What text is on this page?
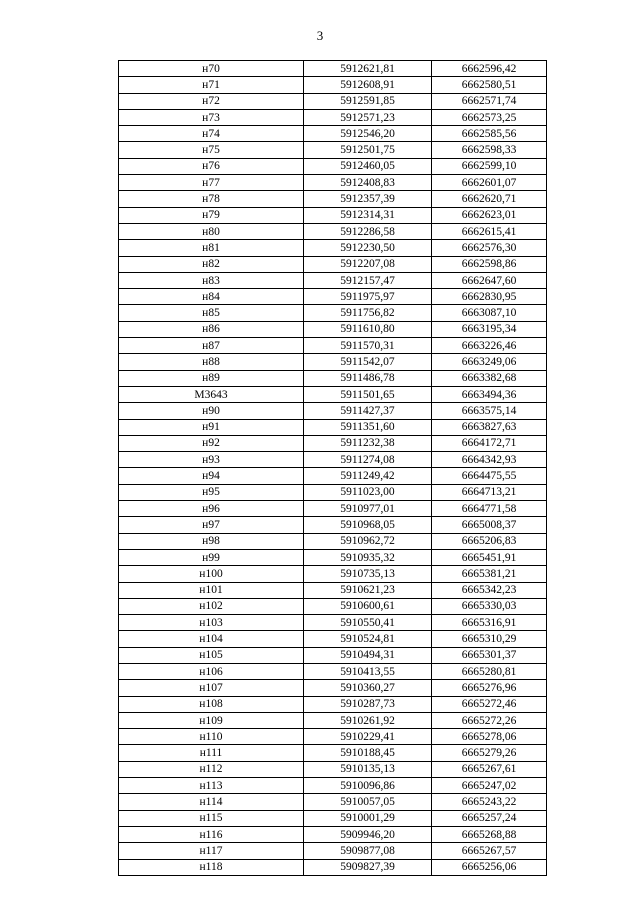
3
н70	5912621,81	6662596,42
н71	5912608,91	6662580,51
н72	5912591,85	6662571,74
н73	5912571,23	6662573,25
н74	5912546,20	6662585,56
н75	5912501,75	6662598,33
н76	5912460,05	6662599,10
н77	5912408,83	6662601,07
н78	5912357,39	6662620,71
н79	5912314,31	6662623,01
н80	5912286,58	6662615,41
н81	5912230,50	6662576,30
н82	5912207,08	6662598,86
н83	5912157,47	6662647,60
н84	5911975,97	6662830,95
н85	5911756,82	6663087,10
н86	5911610,80	6663195,34
н87	5911570,31	6663226,46
н88	5911542,07	6663249,06
н89	5911486,78	6663382,68
М3643	5911501,65	6663494,36
н90	5911427,37	6663575,14
н91	5911351,60	6663827,63
н92	5911232,38	6664172,71
н93	5911274,08	6664342,93
н94	5911249,42	6664475,55
н95	5911023,00	6664713,21
н96	5910977,01	6664771,58
н97	5910968,05	6665008,37
н98	5910962,72	6665206,83
н99	5910935,32	6665451,91
н100	5910735,13	6665381,21
н101	5910621,23	6665342,23
н102	5910600,61	6665330,03
н103	5910550,41	6665316,91
н104	5910524,81	6665310,29
н105	5910494,31	6665301,37
н106	5910413,55	6665280,81
н107	5910360,27	6665276,96
н108	5910287,73	6665272,46
н109	5910261,92	6665272,26
н110	5910229,41	6665278,06
н111	5910188,45	6665279,26
н112	5910135,13	6665267,61
н113	5910096,86	6665247,02
н114	5910057,05	6665243,22
н115	5910001,29	6665257,24
н116	5909946,20	6665268,88
н117	5909877,08	6665267,57
н118	5909827,39	6665256,06
